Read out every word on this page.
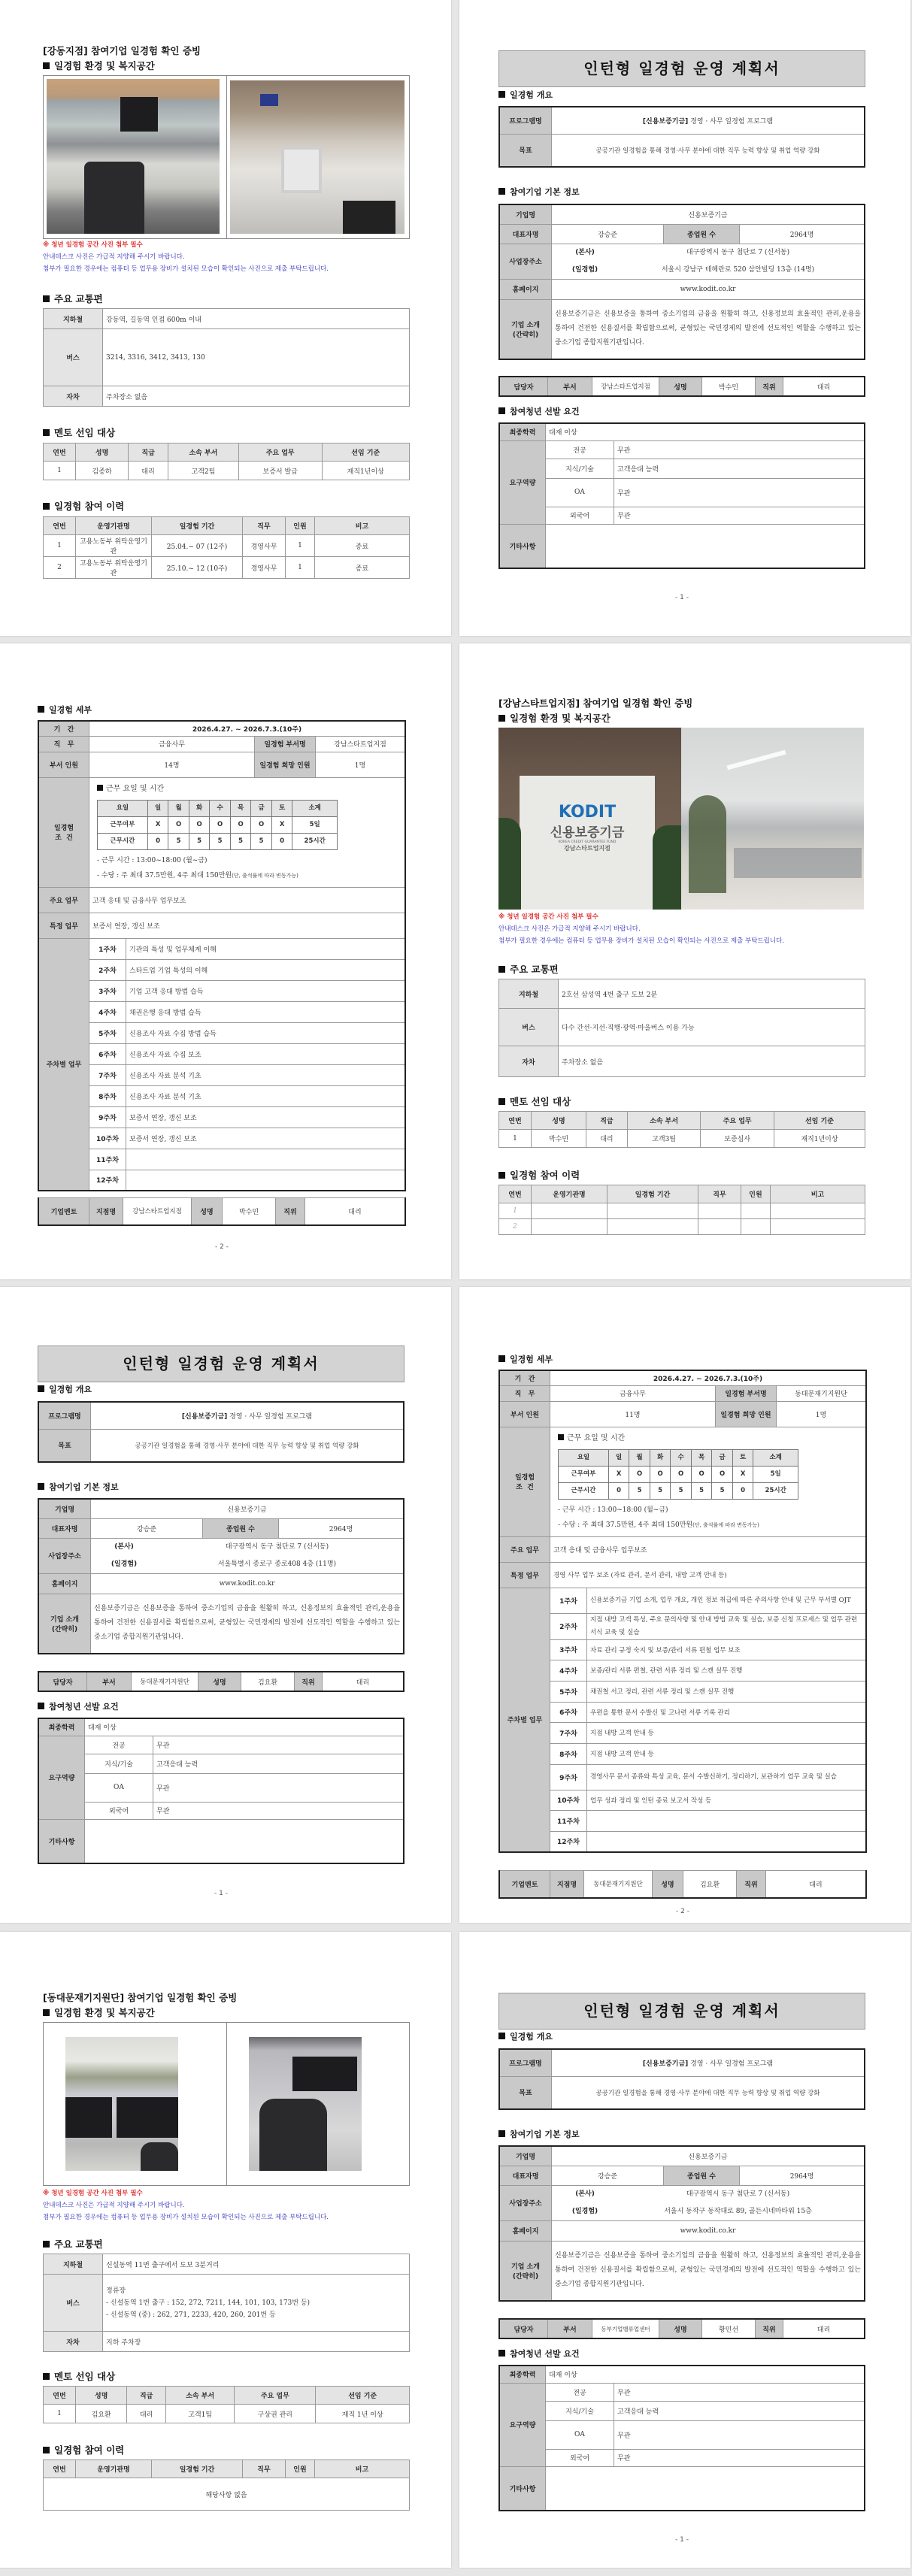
[강동지점] 참여기업 일경험 확인 증빙
일경험 환경 및 복지공간
※ 청년 일경험 공간 사진 첨부 필수
안내데스크 사진은 가급적 지양해 주시기 바랍니다.
첨부가 필요한 경우에는 컴퓨터 등 업무용 장비가 설치된 모습이 확인되는 사진으로 제출 부탁드립니다.
주요 교통편
지하철	강동역, 길동역 인접 600m 이내
버스	3214, 3316, 3412, 3413, 130
자차	주차장소 없음
멘토 선임 대상
연번	성명	직급	소속 부서	주요 업무	선임 기준
1	김종하	대리	고객2팀	보증서 발급	재직1년이상
일경험 참여 이력
연번	운영기관명	일경험 기간	직무	인원	비고
1	고용노동부 위탁운영기관	25.04.~ 07 (12주)	경영사무	1	종료
2	고용노동부 위탁운영기관	25.10.~ 12 (10주)	경영사무	1	종료
인턴형 일경험 운영 계획서
일경험 개요
프로그램명	[신용보증기금] 경영 · 사무 일경험 프로그램
목표	공공기관 일경험을 통해 경영·사무 분야에 대한 직무 능력 향상 및 취업 역량 강화
참여기업 기본 정보
기업명	신용보증기금		
대표자명	강승준	종업원 수	2964명
사업장주소	(본사) 대구광역시 동구 첨단로 7 (신서동)
(일경험) 서울시 강남구 테헤란로 520 삼안빌딩 13층 (14명)		

홈페이지	www.kodit.co.kr		

기업 소개
(간략히)	신용보증기금은 신용보증을 통하여 중소기업의 금융을 원활히 하고, 신용정보의 효율적인 관리,운용을 통하여 건전한 신용질서를 확립함으로써, 균형있는 국민경제의 발전에 선도적인 역할을 수행하고 있는 중소기업 종합지원기관입니다.		
담당자	부서	강남스타트업지점	성명	박수민	직위	대리
참여청년 선발 요건
최종학력	대재 이상	
요구역량	전공	무관
	지식/기술	고객응대 능력
	OA	무관
	외국어	무관
기타사항		
- 1 -
일경험 세부
기   간	2026.4.27. ~ 2026.7.3.(10주)
직   무	금융사무	일경험 부서명	강남스타트업지점
부서 인원	14명	일경험 희망 인원	1명

일경험
조  건

근무 요일 및 시간
요일	일	월	화	수	목	금	토	소계
근무여부	X	O	O	O	O	O	X	5일
근무시간	0	5	5	5	5	5	0	25시간
- 근무 시간 : 13:00~18:00 (월~금)
- 수당 : 주 최대 37.5만원, 4주 최대 150만원(단, 출석률에 따라 변동가능)

주요 업무	고객 응대 및 금융사무 업무보조
특정 업무	보증서 연장, 갱신 보조
주차별 업무	1주차	기관의 특성 및 업무체계 이해
2주차	스타트업 기업 특성의 이해
3주차	기업 고객 응대 방법 습득
4주차	채권은행 응대 방법 습득
5주차	신용조사 자료 수집 방법 습득
6주차	신용조사 자료 수집 보조
7주차	신용조사 자료 분석 기초
8주차	신용조사 자료 분석 기초
9주차	보증서 연장, 갱신 보조
10주차	보증서 연장, 갱신 보조
11주차	
12주차	
기업멘토	지점명	강남스타트업지점	성명	박수민	직위	대리
- 2 -
[강남스타트업지점] 참여기업 일경험 확인 증빙
일경험 환경 및 복지공간
KODIT
신용보증기금
KOREA CREDIT GUARANTEE FUND
강남스타트업지점
※ 청년 일경험 공간 사진 첨부 필수
안내데스크 사진은 가급적 지양해 주시기 바랍니다.
첨부가 필요한 경우에는 컴퓨터 등 업무용 장비가 설치된 모습이 확인되는 사진으로 제출 부탁드립니다.
주요 교통편
지하철	2호선 삼성역 4번 출구 도보 2분
버스	다수 간선·지선·직행·광역·마을버스 이용 가능
자차	주차장소 없음
멘토 선임 대상
연번	성명	직급	소속 부서	주요 업무	선임 기준
1	박수민	대리	고객3팀	보증심사	재직1년이상
일경험 참여 이력
연번	운영기관명	일경험 기간	직무	인원	비고
1					
2					
인턴형 일경험 운영 계획서
일경험 개요
프로그램명	[신용보증기금] 경영 · 사무 일경험 프로그램
목표	공공기관 일경험을 통해 경영·사무 분야에 대한 직무 능력 향상 및 취업 역량 강화
참여기업 기본 정보
기업명	신용보증기금		
대표자명	강승준	종업원 수	2964명
사업장주소	(본사) 대구광역시 동구 첨단로 7 (신서동)
(일경험) 서울특별시 종로구 종로408 4층 (11명)		

홈페이지	www.kodit.co.kr		

기업 소개
(간략히)	신용보증기금은 신용보증을 통하여 중소기업의 금융을 원활히 하고, 신용정보의 효율적인 관리,운용을 통하여 건전한 신용질서를 확립함으로써, 균형있는 국민경제의 발전에 선도적인 역할을 수행하고 있는 중소기업 종합지원기관입니다.		
담당자	부서	동대문재기지원단	성명	김요환	직위	대리
참여청년 선발 요건
최종학력	대재 이상	
요구역량	전공	무관
	지식/기술	고객응대 능력
	OA	무관
	외국어	무관
기타사항		
- 1 -
일경험 세부
기   간	2026.4.27. ~ 2026.7.3.(10주)
직   무	금융사무	일경험 부서명	동대문재기지원단
부서 인원	11명	일경험 희망 인원	1명

일경험
조  건

근무 요일 및 시간
요일	일	월	화	수	목	금	토	소계
근무여부	X	O	O	O	O	O	X	5일
근무시간	0	5	5	5	5	5	0	25시간
- 근무 시간 : 13:00~18:00 (월~금)
- 수당 : 주 최대 37.5만원, 4주 최대 150만원(단, 출석률에 따라 변동가능)

주요 업무	고객 응대 및 금융사무 업무보조
특정 업무	경영 사무 업무 보조 (자료 관리, 문서 관리, 내방 고객 안내 등)
주차별 업무	1주차	신용보증기금 기업 소개, 업무 개요, 개인 정보 취급에 따른 주의사항 안내 및 근무 부서별 OJT
2주차	지점 내방 고객 특성, 주요 문의사항 및 안내 방법 교육 및 실습, 보증 신청 프로세스 및 업무 관련 서식 교육 및 실습
3주차	자료 관리 규정 숙지 및 보증/관리 서류 편철 업무 보조
4주차	보증/관리 서류 편철, 관련 서류 정리 및 스캔 실무 진행
5주차	채권철 서고 정리, 관련 서류 정리 및 스캔 실무 진행
6주차	우편을 통한 문서 수발신 및 고나련 서류 기록 관리
7주차	지점 내방 고객 안내 등
8주차	지점 내방 고객 안내 등
9주차	경영사무 문서 종류와 특성 교육, 문서 수발신하기, 정리하기, 보관하기 업무 교육 및 실습
10주차	업무 성과 정리 및 인턴 종료 보고서 작성 등
11주차	
12주차	
기업멘토	지점명	동대문재기지원단	성명	김요환	직위	대리
- 2 -
[동대문재기지원단] 참여기업 일경험 확인 증빙
일경험 환경 및 복지공간
※ 청년 일경험 공간 사진 첨부 필수
안내데스크 사진은 가급적 지양해 주시기 바랍니다.
첨부가 필요한 경우에는 컴퓨터 등 업무용 장비가 설치된 모습이 확인되는 사진으로 제출 부탁드립니다.
주요 교통편
지하철	신설동역 11번 출구에서 도보 3분거리
버스	정류장
- 신설동역 1번 출구 : 152, 272, 7211, 144, 101, 103, 173번 등)
- 신설동역 (중) : 262, 271, 2233, 420, 260, 201번 등

자차	지하 주차장
멘토 선임 대상
연번	성명	직급	소속 부서	주요 업무	선임 기준
1	김요환	대리	고객1팀	구상권 관리	재직 1년 이상
일경험 참여 이력
연번	운영기관명	일경험 기간	직무	인원	비고
해당사항 없음
인턴형 일경험 운영 계획서
일경험 개요
프로그램명	[신용보증기금] 경영 · 사무 일경험 프로그램
목표	공공기관 일경험을 통해 경영·사무 분야에 대한 직무 능력 향상 및 취업 역량 강화
참여기업 기본 정보
기업명	신용보증기금		
대표자명	강승준	종업원 수	2964명
사업장주소	(본사) 대구광역시 동구 첨단로 7 (신서동)
(일경험) 서울시 동작구 동작대로 89, 골든시네마타워 15층		

홈페이지	www.kodit.co.kr		

기업 소개
(간략히)	신용보증기금은 신용보증을 통하여 중소기업의 금융을 원활히 하고, 신용정보의 효율적인 관리,운용을 통하여 건전한 신용질서를 확립함으로써, 균형있는 국민경제의 발전에 선도적인 역할을 수행하고 있는 중소기업 종합지원기관입니다.		
담당자	부서	동부기업밸류업센터	성명	황민선	직위	대리
참여청년 선발 요건
최종학력	대재 이상	
요구역량	전공	무관
	지식/기술	고객응대 능력
	OA	무관
	외국어	무관
기타사항		
- 1 -
